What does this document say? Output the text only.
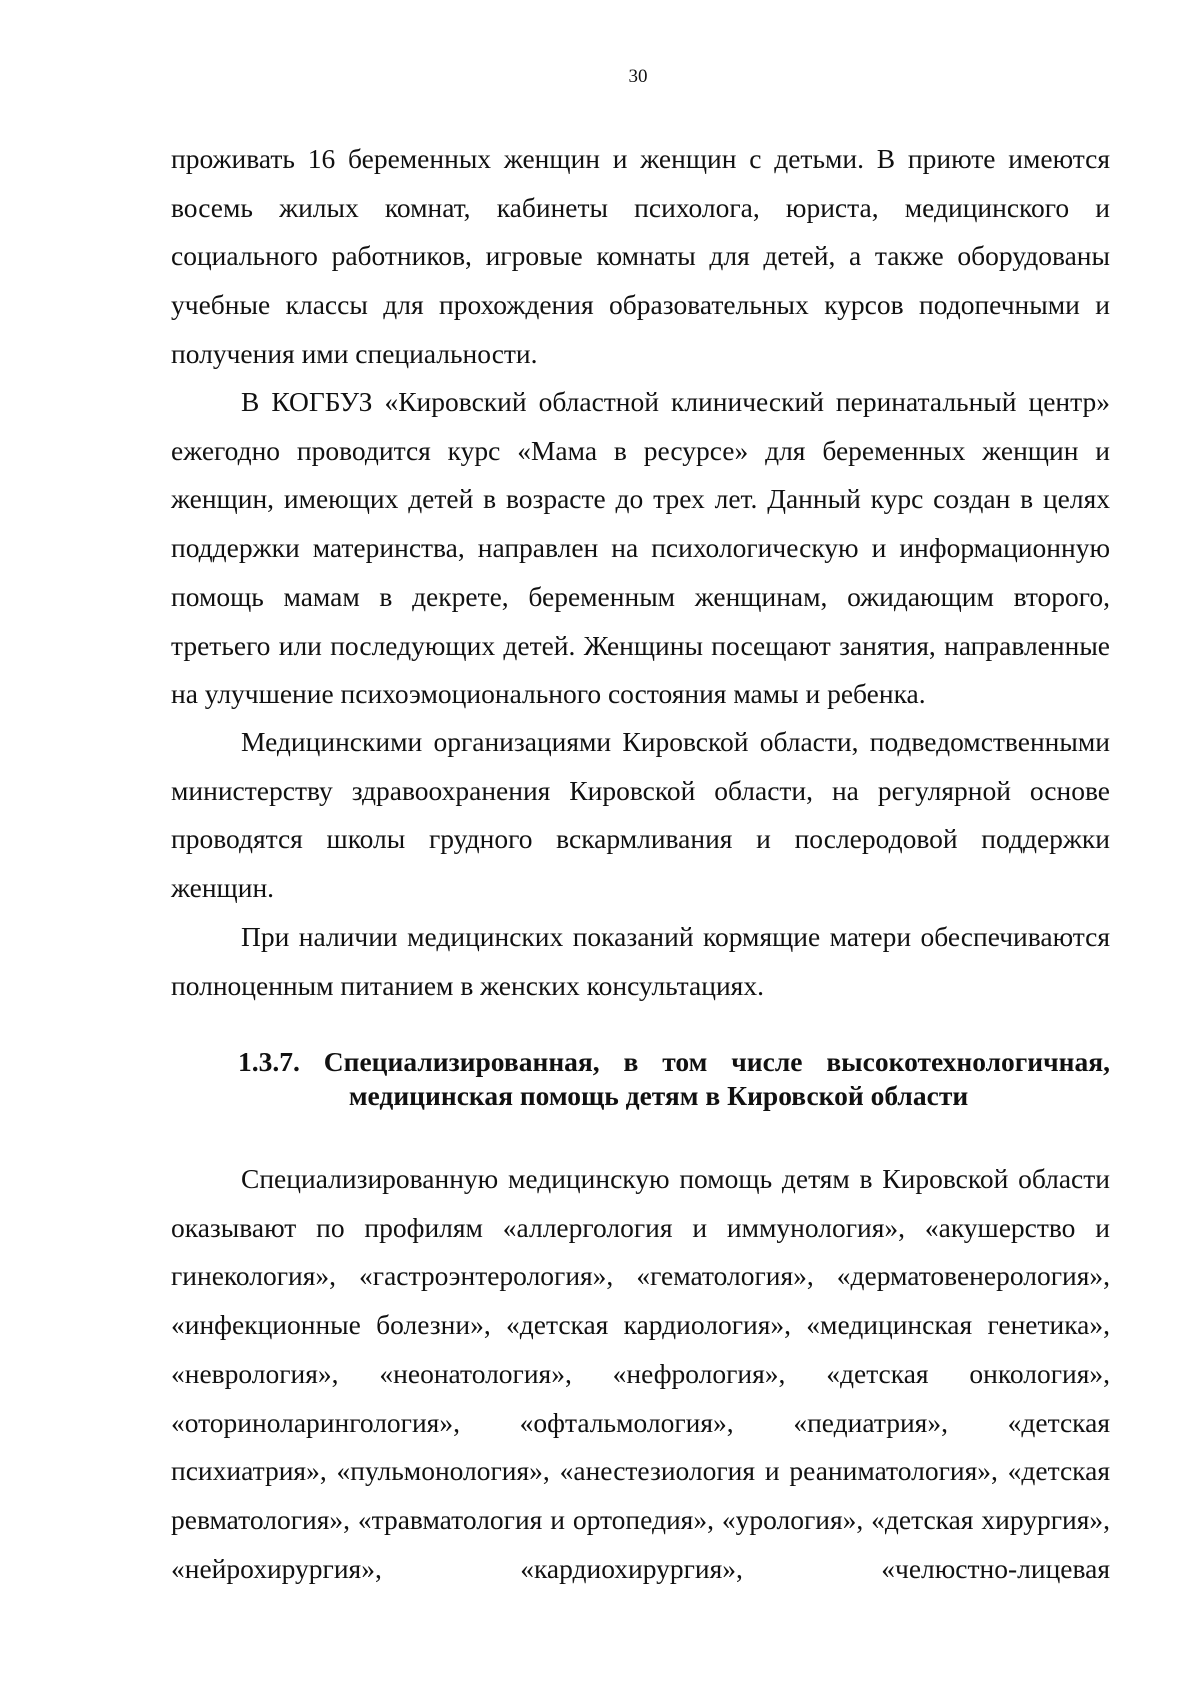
30

проживать 16 беременных женщин и женщин с детьми. В приюте имеются восемь жилых комнат, кабинеты психолога, юриста, медицинского и социального работников, игровые комнаты для детей, а также оборудованы учебные классы для прохождения образовательных курсов подопечными и получения ими специальности.

В КОГБУЗ «Кировский областной клинический перинатальный центр» ежегодно проводится курс «Мама в ресурсе» для беременных женщин и женщин, имеющих детей в возрасте до трех лет. Данный курс создан в целях поддержки материнства, направлен на психологическую и информационную помощь мамам в декрете, беременным женщинам, ожидающим второго, третьего или последующих детей. Женщины посещают занятия, направленные на улучшение психоэмоционального состояния мамы и ребенка.

Медицинскими организациями Кировской области, подведомственными министерству здравоохранения Кировской области, на регулярной основе проводятся школы грудного вскармливания и послеродовой поддержки женщин.

При наличии медицинских показаний кормящие матери обеспечиваются полноценным питанием в женских консультациях.

1.3.7. Специализированная, в том числе высокотехнологичная,
медицинская помощь детям в Кировской области

Специализированную медицинскую помощь детям в Кировской области оказывают по профилям «аллергология и иммунология», «акушерство и гинекология», «гастроэнтерология», «гематология», «дерматовенерология», «инфекционные болезни», «детская кардиология», «медицинская генетика», «неврология», «неонатология», «нефрология», «детская онкология», «оториноларингология», «офтальмология», «педиатрия», «детская психиатрия», «пульмонология», «анестезиология и реаниматология», «детская ревматология», «травматология и ортопедия», «урология», «детская хирургия», «нейрохирургия», «кардиохирургия», «челюстно-лицевая
